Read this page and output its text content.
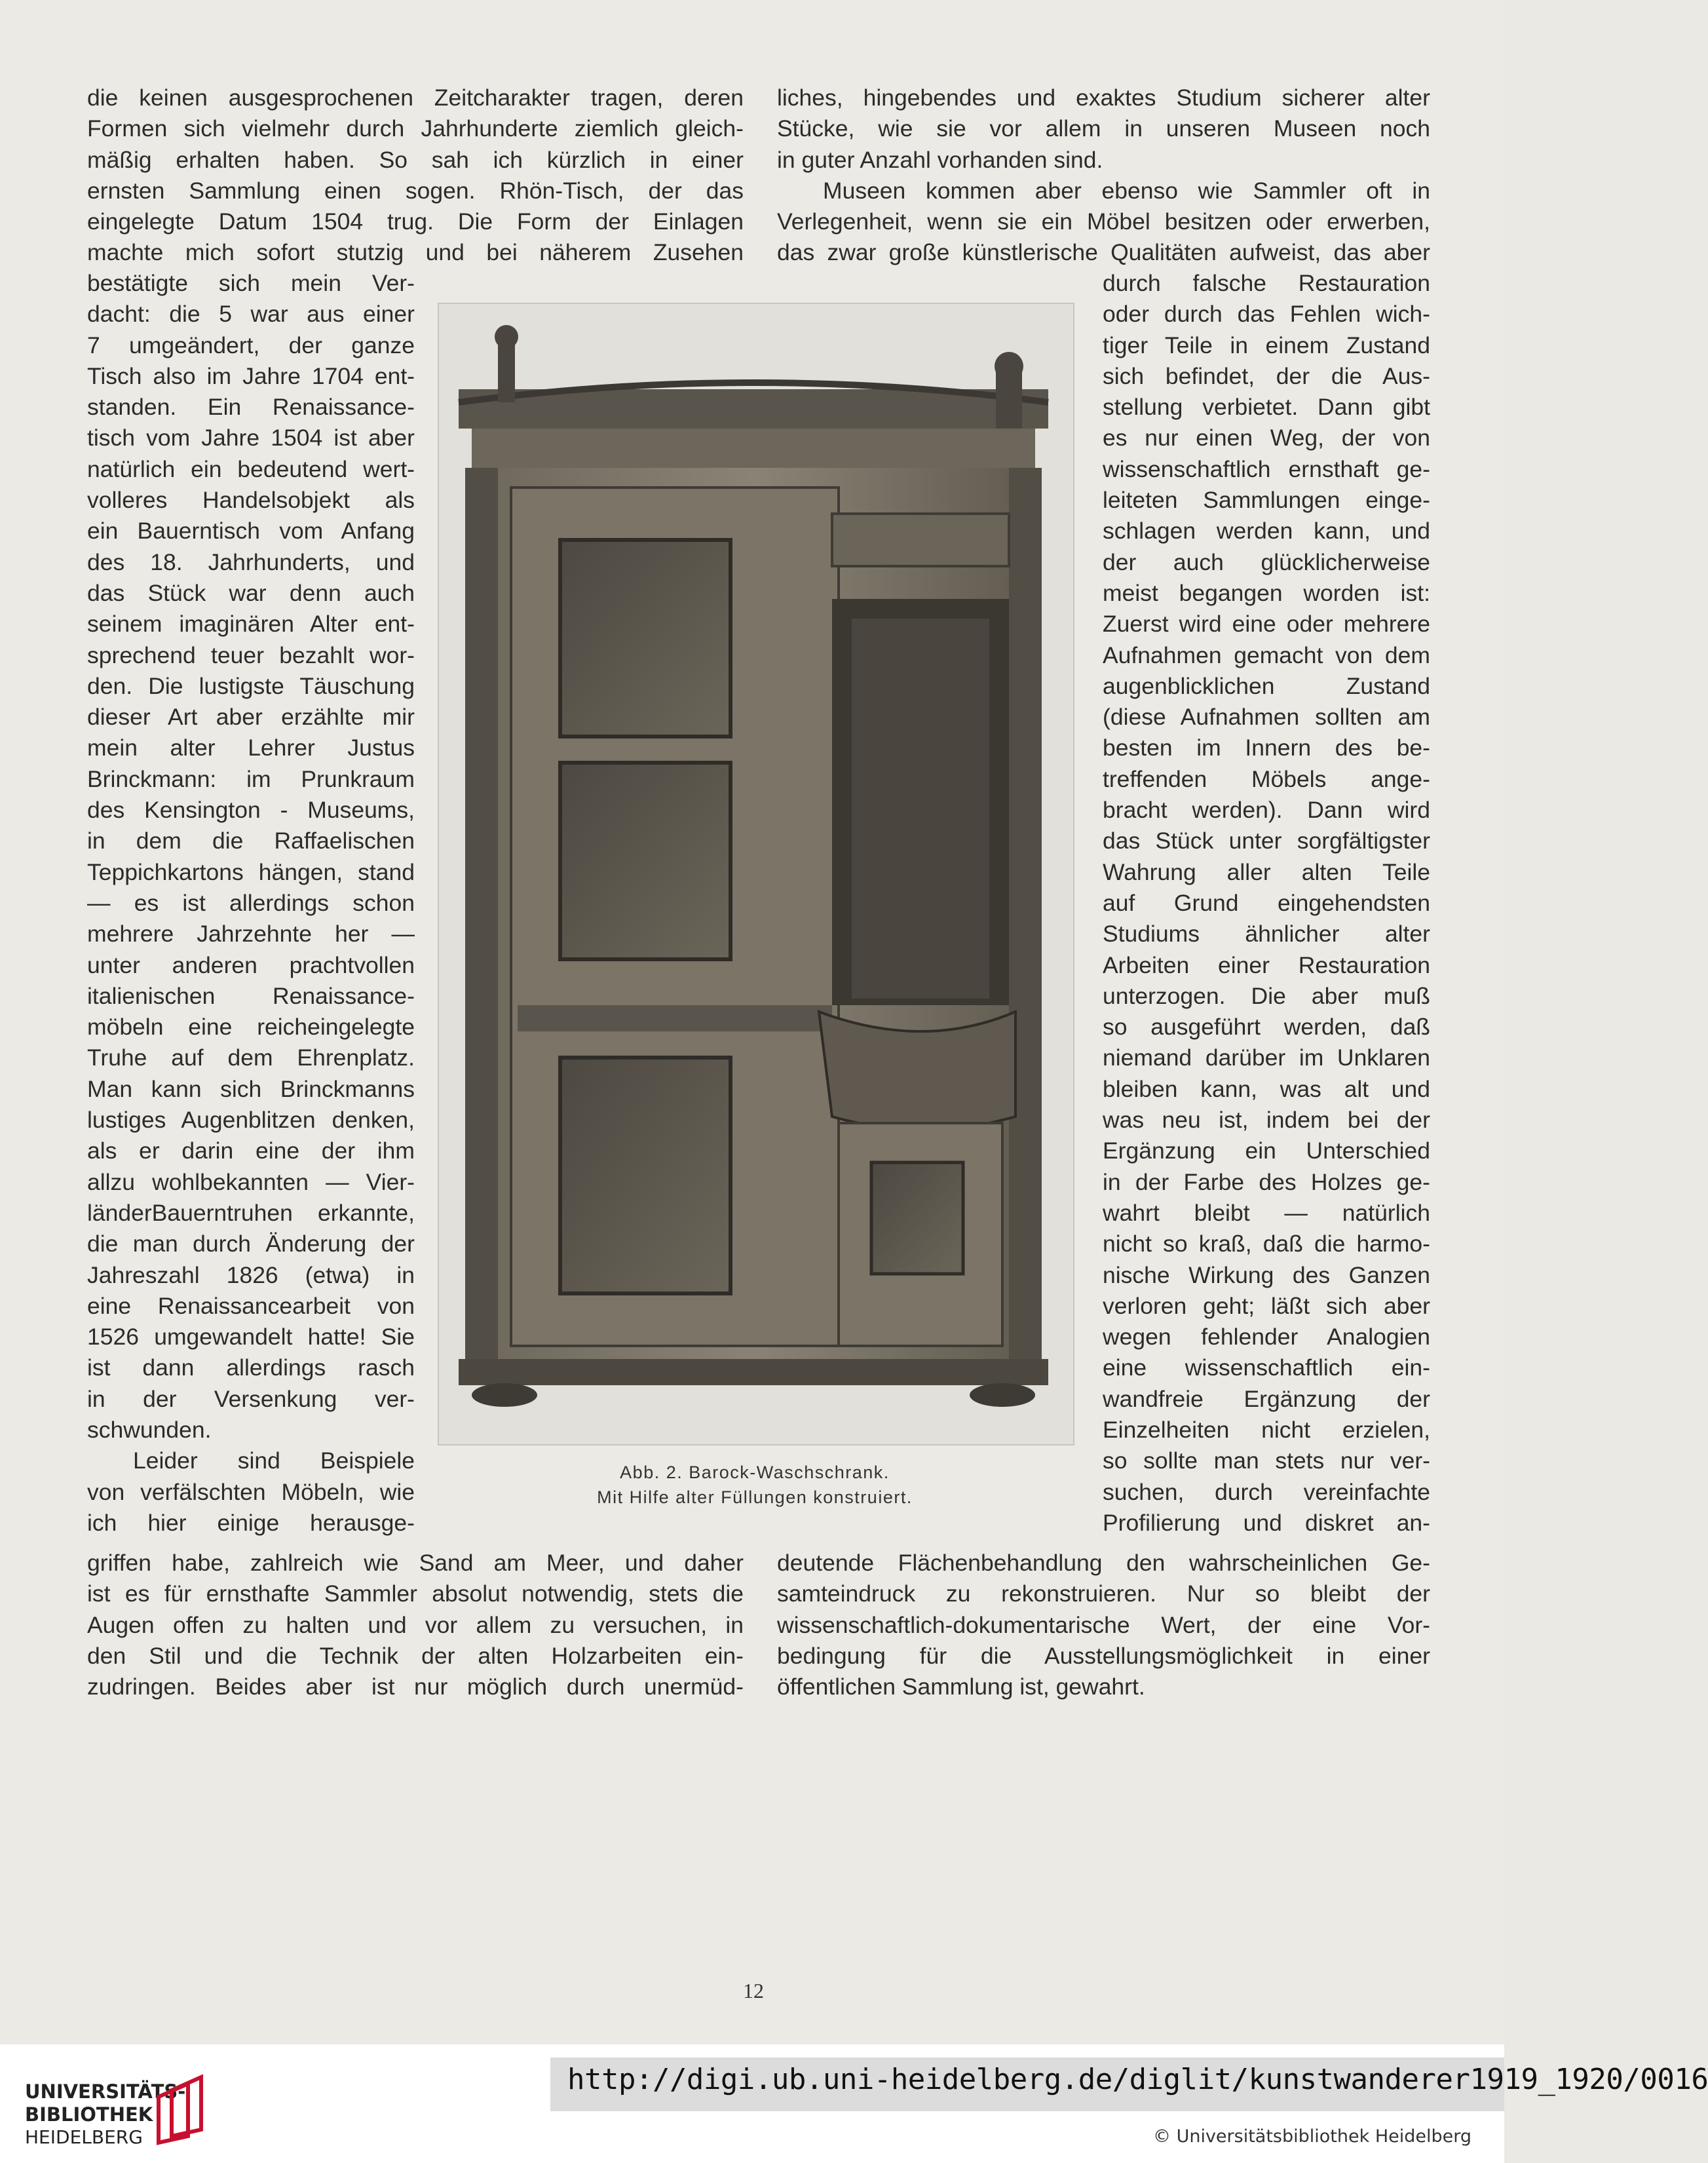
die keinen ausgesprochenen Zeitcharakter tragen, deren
Formen sich vielmehr durch Jahrhunderte ziemlich gleich-
mäßig erhalten haben. So sah ich kürzlich in einer
ernsten Sammlung einen sogen. Rhön-Tisch, der das
eingelegte Datum 1504 trug. Die Form der Einlagen
machte mich sofort stutzig und bei näherem Zusehen
liches, hingebendes und exaktes Studium sicherer alter
Stücke, wie sie vor allem in unseren Museen noch
in guter Anzahl vorhanden sind.
Museen kommen aber ebenso wie Sammler oft in
Verlegenheit, wenn sie ein Möbel besitzen oder erwerben,
das zwar große künstlerische Qualitäten aufweist, das aber
bestätigte sich mein Ver-
dacht: die 5 war aus einer
7 umgeändert, der ganze
Tisch also im Jahre 1704 ent-
standen. Ein Renaissance-
tisch vom Jahre 1504 ist aber
natürlich ein bedeutend wert-
volleres Handelsobjekt als
ein Bauerntisch vom Anfang
des 18. Jahrhunderts, und
das Stück war denn auch
seinem imaginären Alter ent-
sprechend teuer bezahlt wor-
den. Die lustigste Täuschung
dieser Art aber erzählte mir
mein alter Lehrer Justus
Brinckmann: im Prunkraum
des Kensington - Museums,
in dem die Raffaelischen
Teppichkartons hängen, stand
— es ist allerdings schon
mehrere Jahrzehnte her —
unter anderen prachtvollen
italienischen Renaissance-
möbeln eine reicheingelegte
Truhe auf dem Ehrenplatz.
Man kann sich Brinckmanns
lustiges Augenblitzen denken,
als er darin eine der ihm
allzu wohlbekannten — Vier-
länderBauerntruhen erkannte,
die man durch Änderung der
Jahreszahl 1826 (etwa) in
eine Renaissancearbeit von
1526 umgewandelt hatte! Sie
ist dann allerdings rasch
in der Versenkung ver-
schwunden.
Leider sind Beispiele
von verfälschten Möbeln, wie
ich hier einige herausge-
durch falsche Restauration
oder durch das Fehlen wich-
tiger Teile in einem Zustand
sich befindet, der die Aus-
stellung verbietet. Dann gibt
es nur einen Weg, der von
wissenschaftlich ernsthaft ge-
leiteten Sammlungen einge-
schlagen werden kann, und
der auch glücklicherweise
meist begangen worden ist:
Zuerst wird eine oder mehrere
Aufnahmen gemacht von dem
augenblicklichen Zustand
(diese Aufnahmen sollten am
besten im Innern des be-
treffenden Möbels ange-
bracht werden). Dann wird
das Stück unter sorgfältigster
Wahrung aller alten Teile
auf Grund eingehendsten
Studiums ähnlicher alter
Arbeiten einer Restauration
unterzogen. Die aber muß
so ausgeführt werden, daß
niemand darüber im Unklaren
bleiben kann, was alt und
was neu ist, indem bei der
Ergänzung ein Unterschied
in der Farbe des Holzes ge-
wahrt bleibt — natürlich
nicht so kraß, daß die harmo-
nische Wirkung des Ganzen
verloren geht; läßt sich aber
wegen fehlender Analogien
eine wissenschaftlich ein-
wandfreie Ergänzung der
Einzelheiten nicht erzielen,
so sollte man stets nur ver-
suchen, durch vereinfachte
Profilierung und diskret an-
griffen habe, zahlreich wie Sand am Meer, und daher
ist es für ernsthafte Sammler absolut notwendig, stets die
Augen offen zu halten und vor allem zu versuchen, in
den Stil und die Technik der alten Holzarbeiten ein-
zudringen. Beides aber ist nur möglich durch unermüd-
deutende Flächenbehandlung den wahrscheinlichen Ge-
samteindruck zu rekonstruieren. Nur so bleibt der
wissenschaftlich-dokumentarische Wert, der eine Vor-
bedingung für die Ausstellungsmöglichkeit in einer
öffentlichen Sammlung ist, gewahrt.
Abb. 2. Barock-Waschschrank.
Mit Hilfe alter Füllungen konstruiert.
12
http://digi.ub.uni-heidelberg.de/diglit/kunstwanderer1919_1920/0016
© Universitätsbibliothek Heidelberg
UNIVERSITÄTS-
BIBLIOTHEK
HEIDELBERG
